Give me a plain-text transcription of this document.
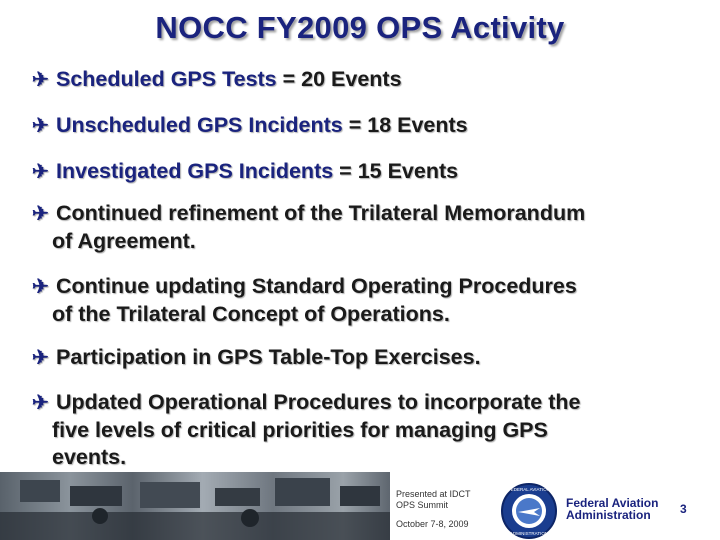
NOCC FY2009 OPS Activity
✈ Scheduled GPS Tests = 20 Events
✈ Unscheduled GPS Incidents = 18 Events
✈ Investigated GPS Incidents = 15 Events
✈ Continued refinement of the Trilateral Memorandum
of Agreement.
✈ Continue updating Standard Operating Procedures
of the Trilateral Concept of Operations.
✈ Participation in GPS Table-Top Exercises.
✈ Updated Operational Procedures to incorporate the
five levels of critical priorities for managing GPS
events.
Presented at IDCT
OPS Summit
October 7-8, 2009
FEDERAL AVIATION
ADMINISTRATION
Federal Aviation
Administration	3
